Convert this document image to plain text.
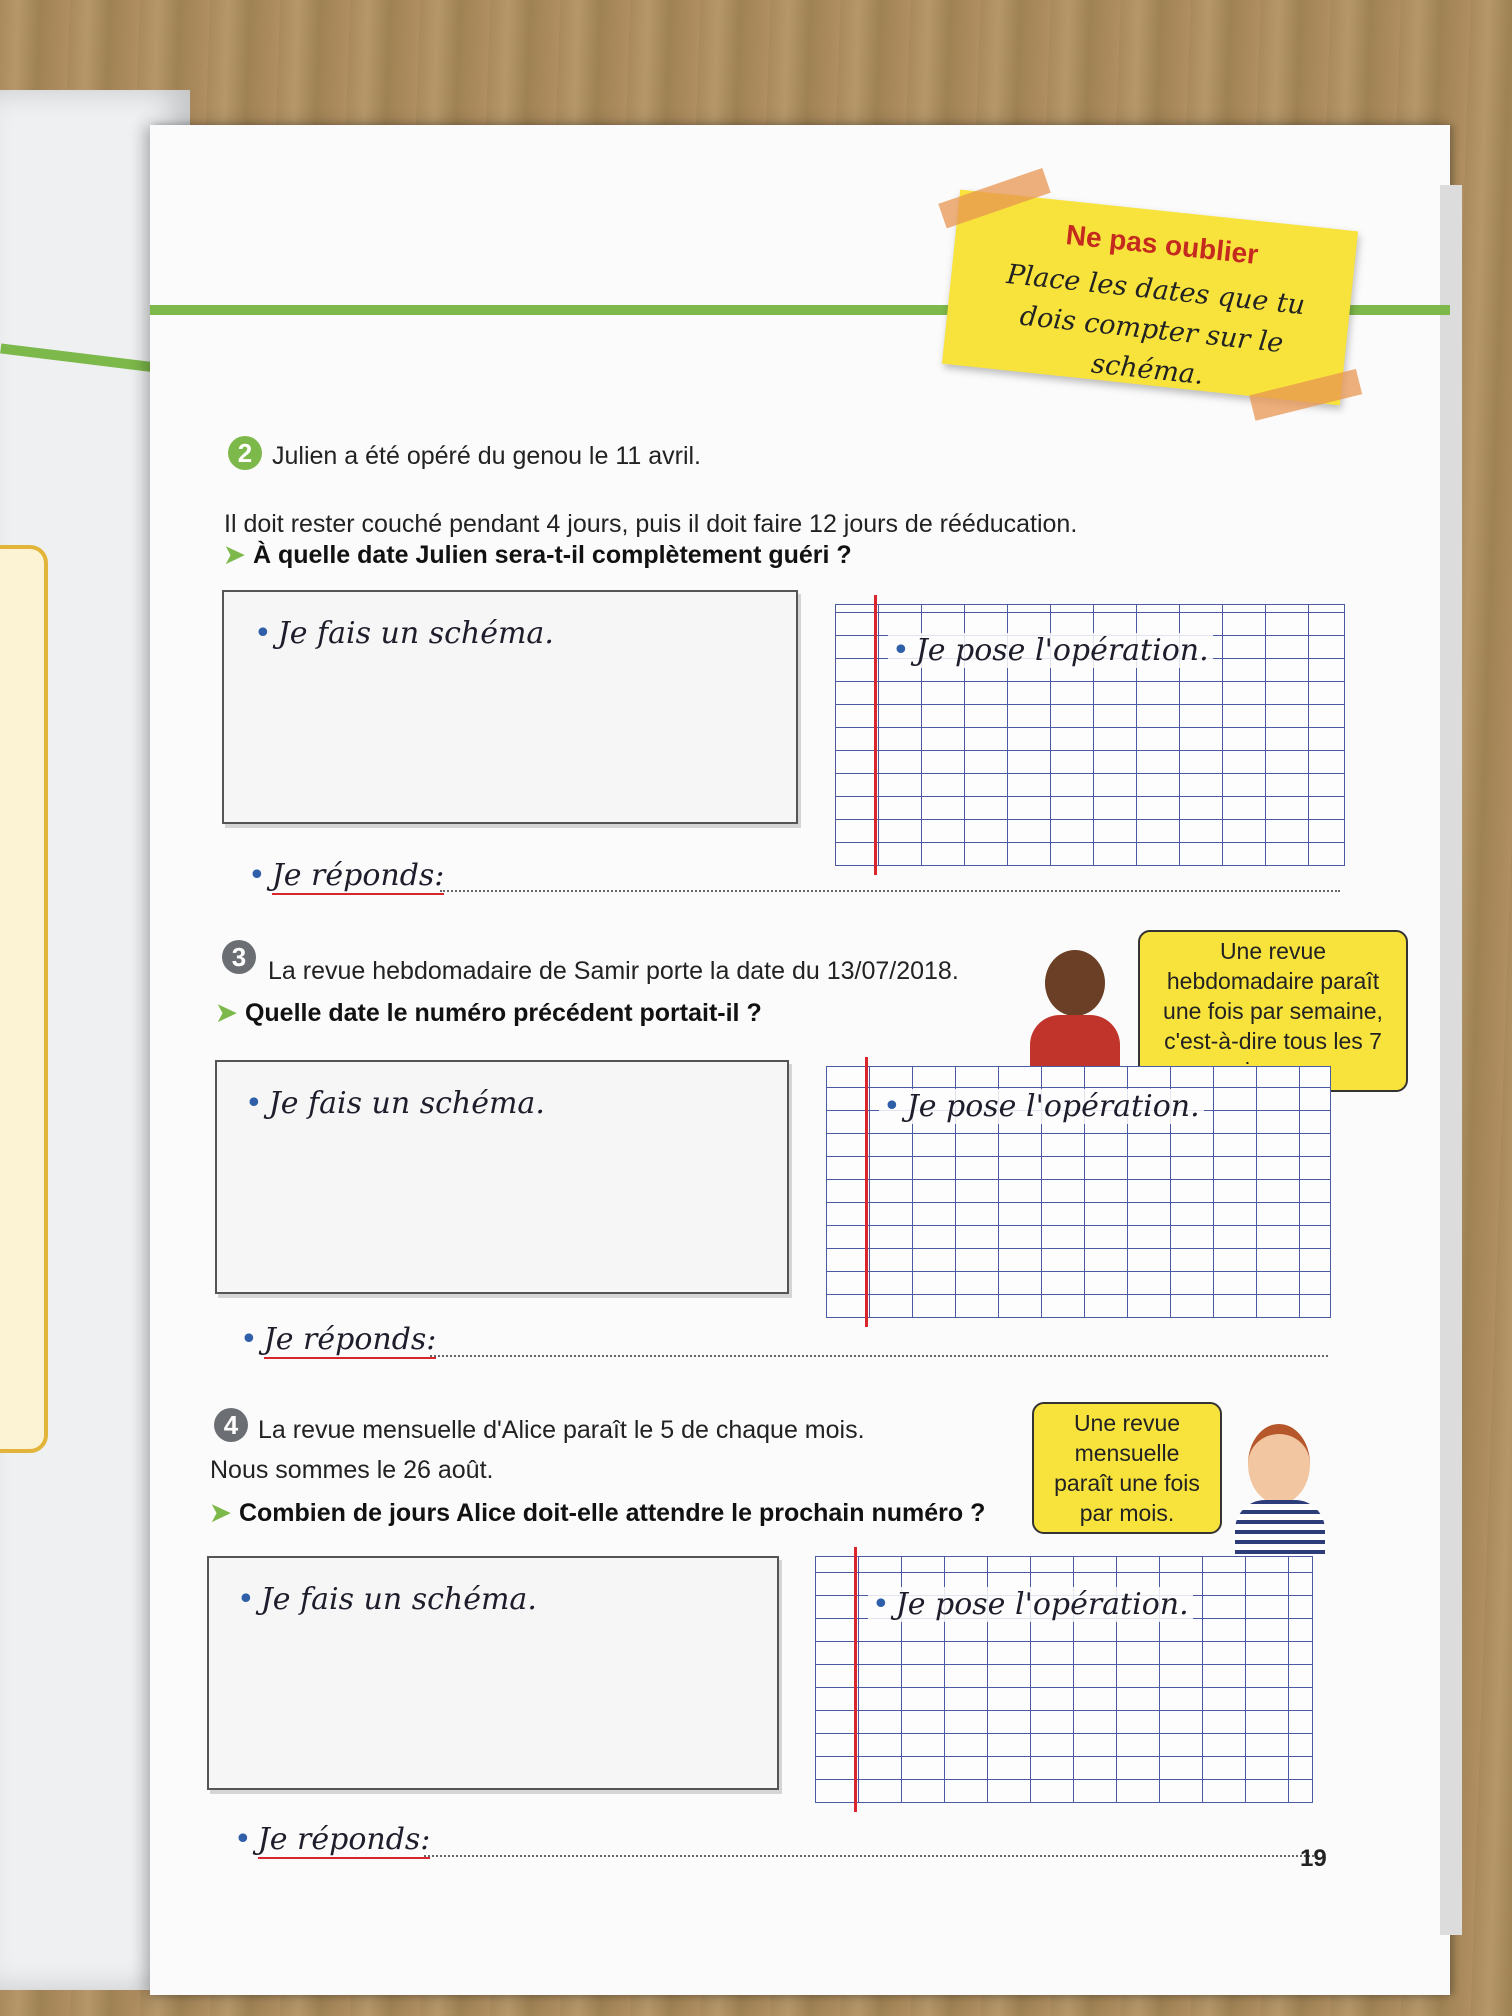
Ne pas oublier
Place les dates que tu dois compter sur le schéma.
2 Julien a été opéré du genou le 11 avril.
Il doit rester couché pendant 4 jours, puis il doit faire 12 jours de rééducation.
➤ À quelle date Julien sera-t-il complètement guéri ?
• Je fais un schéma.	• Je pose l'opération.
• Je réponds:
3 La revue hebdomadaire de Samir porte la date du 13/07/2018.
➤ Quelle date le numéro précédent portait-il ?
Une revue hebdomadaire paraît une fois par semaine, c'est-à-dire tous les 7
• Je fais un schéma.	• Je pose l'opération.
• Je réponds:
4 La revue mensuelle d'Alice paraît le 5 de chaque mois.
Nous sommes le 26 août.
➤ Combien de jours Alice doit-elle attendre le prochain numéro ?
Une revue mensuelle paraît une fois par mois.
• Je fais un schéma.	• Je pose l'opération.
• Je réponds:
19
